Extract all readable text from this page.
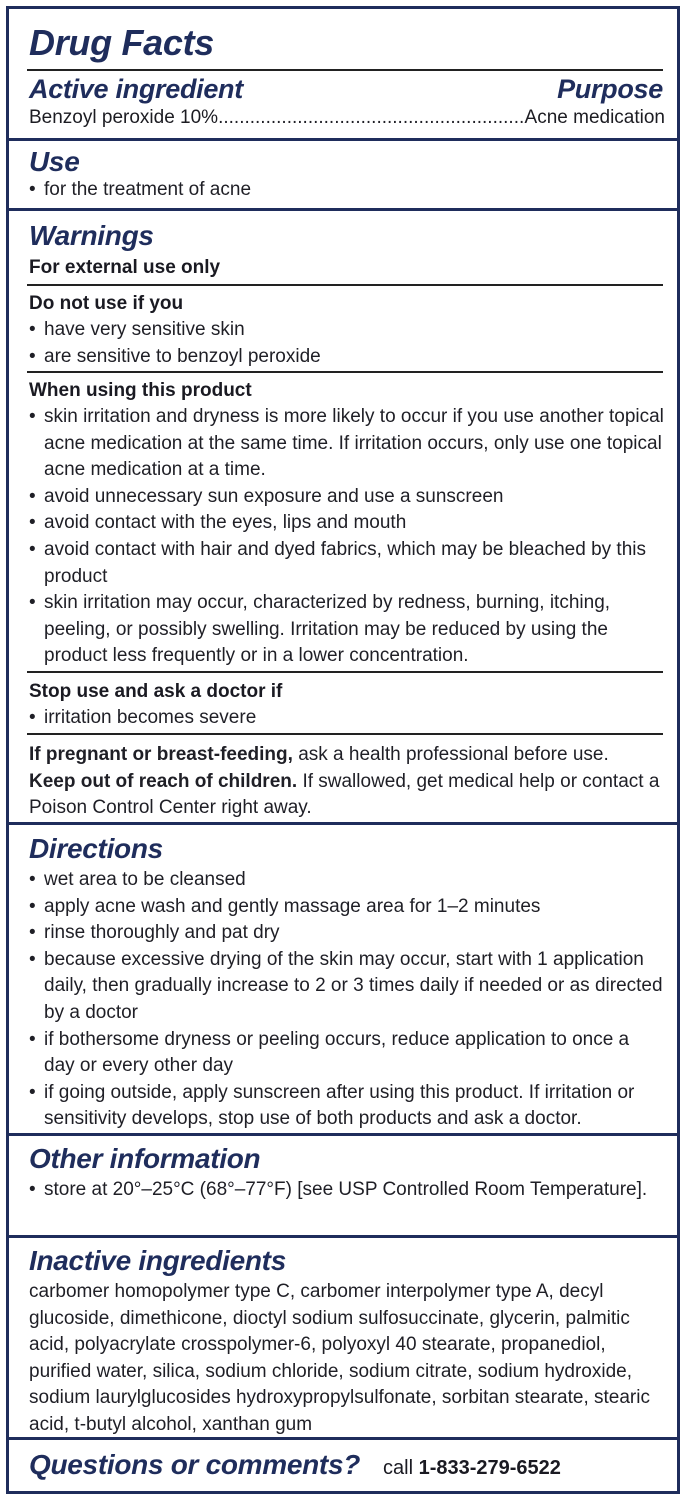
Drug Facts
Active ingredient	Purpose
Benzoyl peroxide 10%
.....	Acne medication
Use
• for the treatment of acne
Warnings
For external use only
Do not use if you
• have very sensitive skin
• are sensitive to benzoyl peroxide
When using this product
• skin irritation and dryness is more likely to occur if you use another topical acne medication at the same time. If irritation occurs, only use one topical acne medication at a time.
• avoid unnecessary sun exposure and use a sunscreen
• avoid contact with the eyes, lips and mouth
• avoid contact with hair and dyed fabrics, which may be bleached by this product
• skin irritation may occur, characterized by redness, burning, itching, peeling, or possibly swelling. Irritation may be reduced by using the product less frequently or in a lower concentration.
Stop use and ask a doctor if
• irritation becomes severe
If pregnant or breast-feeding, ask a health professional before use.
Keep out of reach of children. If swallowed, get medical help or contact a Poison Control Center right away.
Directions
• wet area to be cleansed
• apply acne wash and gently massage area for 1–2 minutes
• rinse thoroughly and pat dry
• because excessive drying of the skin may occur, start with 1 application daily, then gradually increase to 2 or 3 times daily if needed or as directed by a doctor
• if bothersome dryness or peeling occurs, reduce application to once a day or every other day
• if going outside, apply sunscreen after using this product. If irritation or sensitivity develops, stop use of both products and ask a doctor.
Other information
• store at 20°–25°C (68°–77°F) [see USP Controlled Room Temperature].
Inactive ingredients
carbomer homopolymer type C, carbomer interpolymer type A, decyl glucoside, dimethicone, dioctyl sodium sulfosuccinate, glycerin, palmitic acid, polyacrylate crosspolymer-6, polyoxyl 40 stearate, propanediol, purified water, silica, sodium chloride, sodium citrate, sodium hydroxide, sodium laurylglucosides hydroxypropylsulfonate, sorbitan stearate, stearic acid, t-butyl alcohol, xanthan gum
Questions or comments? call 1-833-279-6522
